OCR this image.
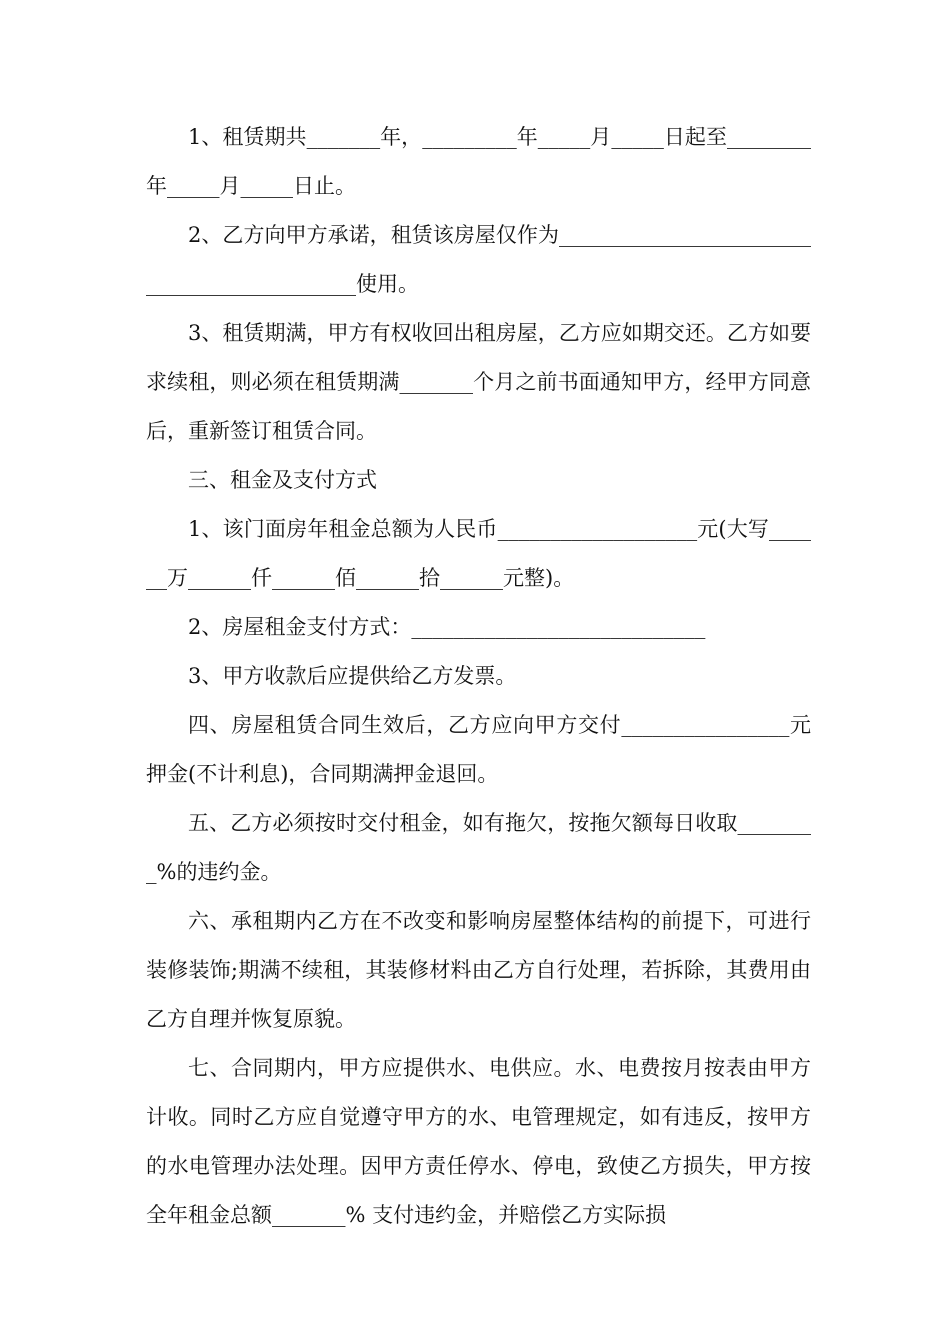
1、租赁期共_______年，_________年_____月_____日起至________年_____月_____日止。

2、乙方向甲方承诺，租赁该房屋仅作为____________________________________________使用。

3、租赁期满，甲方有权收回出租房屋，乙方应如期交还。乙方如要求续租，则必须在租赁期满_______个月之前书面通知甲方，经甲方同意后，重新签订租赁合同。

三、租金及支付方式

1、该门面房年租金总额为人民币___________________元(大写______万______仟______佰______拾______元整)。

2、房屋租金支付方式：____________________________

3、甲方收款后应提供给乙方发票。

四、房屋租赁合同生效后，乙方应向甲方交付________________元押金(不计利息)，合同期满押金退回。

五、乙方必须按时交付租金，如有拖欠，按拖欠额每日收取________%的违约金。

六、承租期内乙方在不改变和影响房屋整体结构的前提下，可进行装修装饰;期满不续租，其装修材料由乙方自行处理，若拆除，其费用由乙方自理并恢复原貌。

七、合同期内，甲方应提供水、电供应。水、电费按月按表由甲方计收。同时乙方应自觉遵守甲方的水、电管理规定，如有违反，按甲方的水电管理办法处理。因甲方责任停水、停电，致使乙方损失，甲方按全年租金总额_______% 支付违约金，并赔偿乙方实际损
